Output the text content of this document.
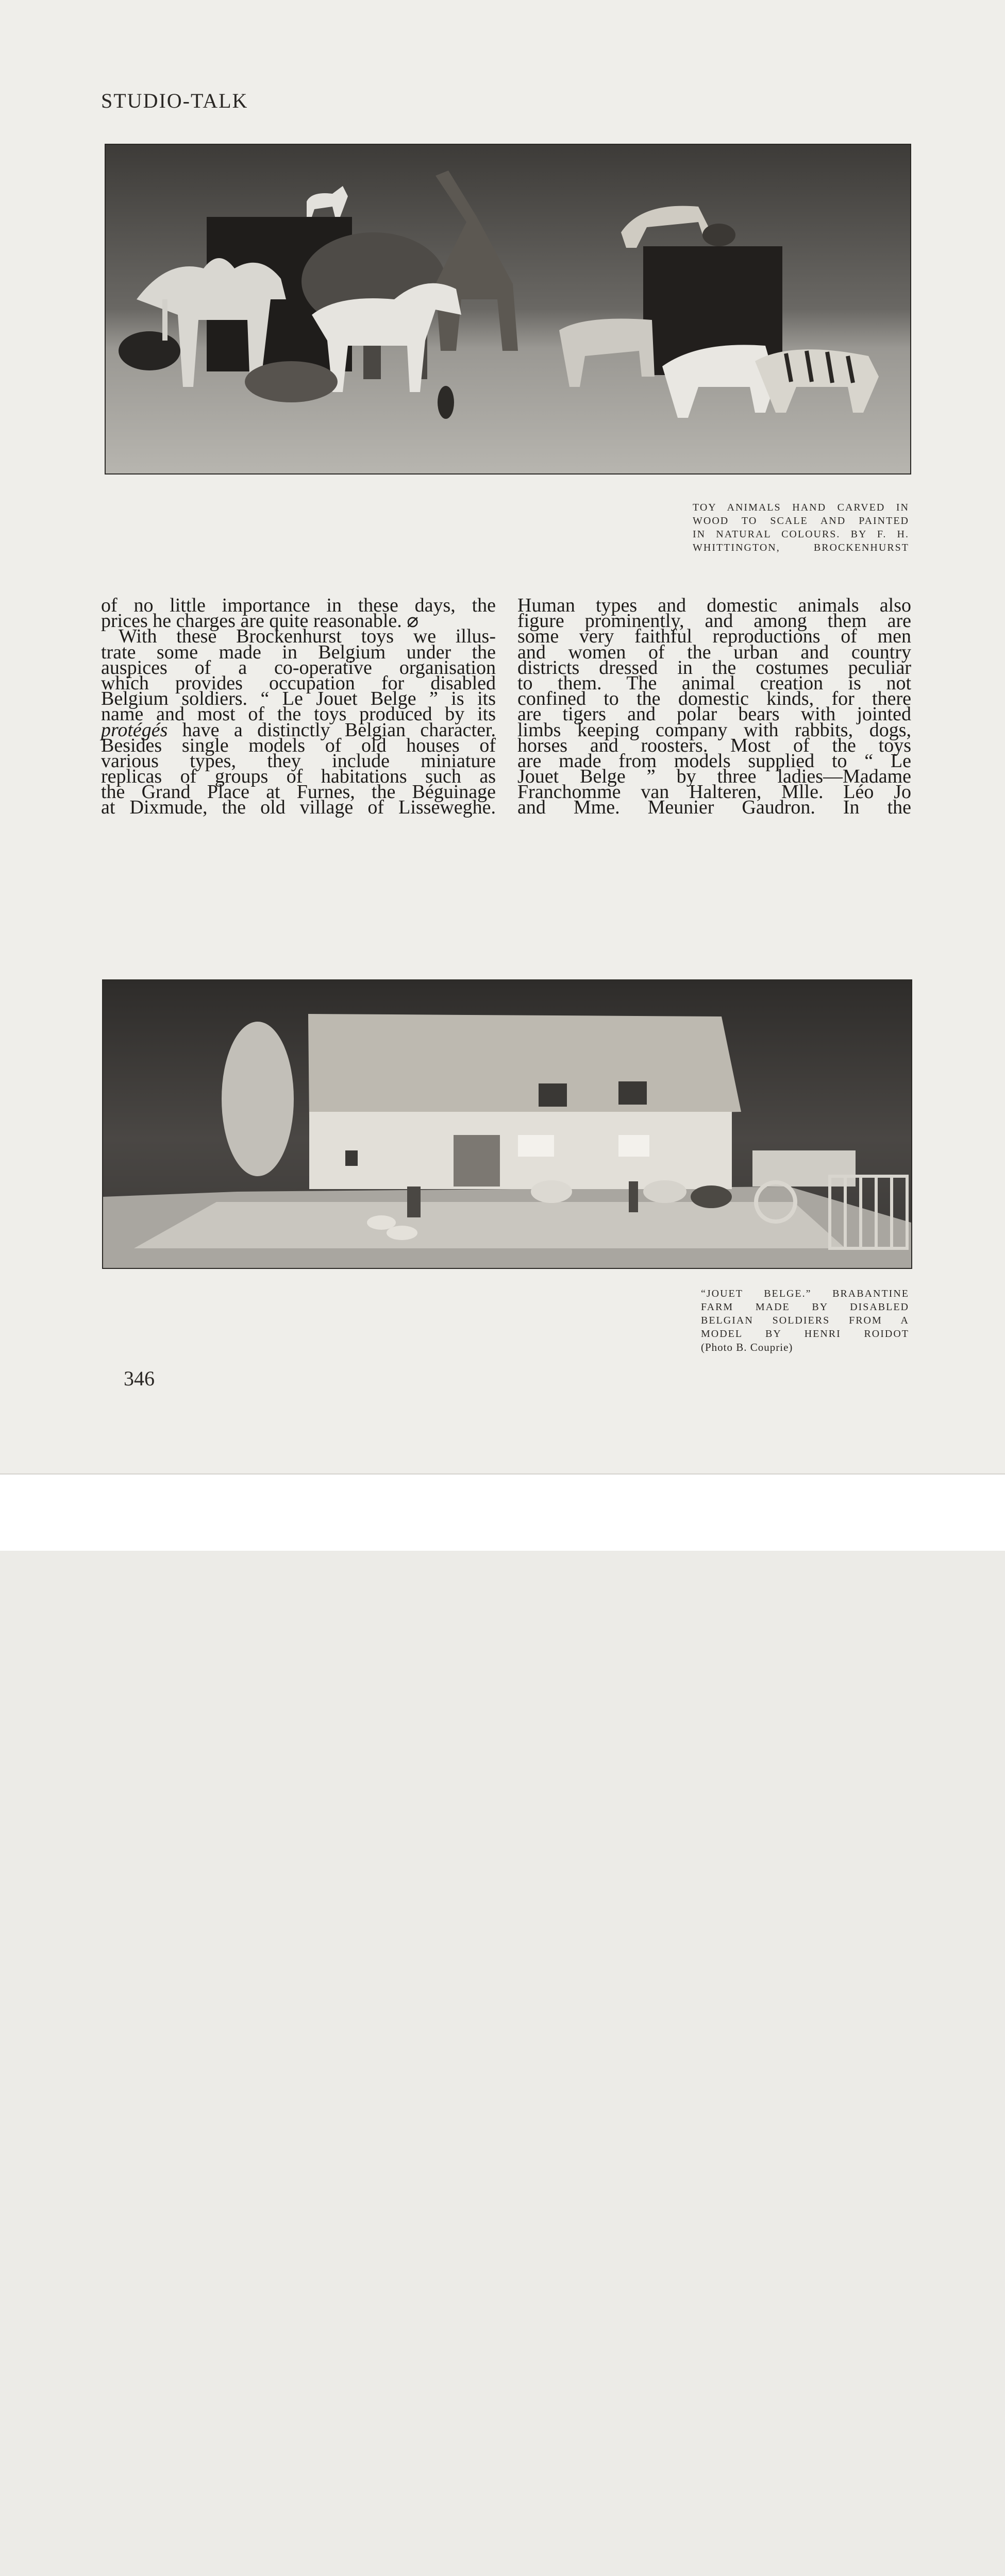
STUDIO-TALK
TOY ANIMALS HAND CARVED IN
WOOD TO SCALE AND PAINTED
IN NATURAL COLOURS. BY F. H.
WHITTINGTON, BROCKENHURST
of no little importance in these days, the
prices he charges are quite reasonable. ⌀
With these Brockenhurst toys we illus-
trate some made in Belgium under the
auspices of a co-operative organisation
which provides occupation for disabled
Belgium soldiers. “ Le Jouet Belge ” is its
name and most of the toys produced by its
protégés have a distinctly Belgian character.
Besides single models of old houses of
various types, they include miniature
replicas of groups of habitations such as
the Grand Place at Furnes, the Béguinage
at Dixmude, the old village of Lisseweghe.
Human types and domestic animals also
figure prominently, and among them are
some very faithful reproductions of men
and women of the urban and country
districts dressed in the costumes peculiar
to them. The animal creation is not
confined to the domestic kinds, for there
are tigers and polar bears with jointed
limbs keeping company with rabbits, dogs,
horses and roosters. Most of the toys
are made from models supplied to “ Le
Jouet Belge ” by three ladies—Madame
Franchomme van Halteren, Mlle. Léo Jo
and Mme. Meunier Gaudron. In the
“JOUET BELGE.” BRABANTINE
FARM MADE BY DISABLED
BELGIAN SOLDIERS FROM A
MODEL BY HENRI ROIDOT
(Photo B. Couprie)
346
